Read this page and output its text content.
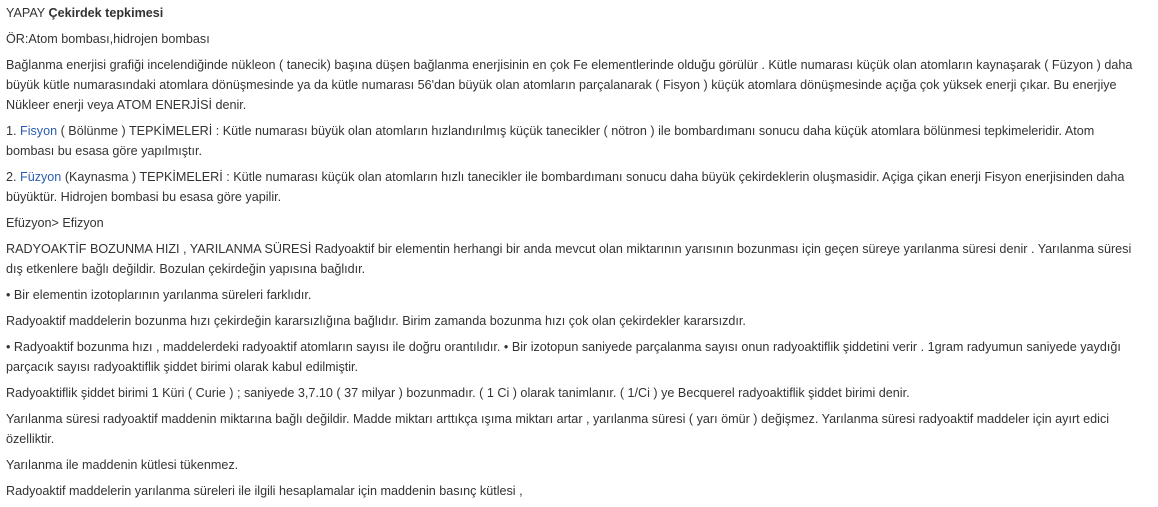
YAPAY Çekirdek tepkimesi

ÖR:Atom bombası,hidrojen bombası

Bağlanma enerjisi grafiği incelendiğinde nükleon ( tanecik) başına düşen bağlanma enerjisinin en çok Fe elementlerinde olduğu görülür . Kütle numarası küçük olan atomların kaynaşarak ( Füzyon ) daha büyük kütle numarasındaki atomlara dönüşmesinde ya da kütle numarası 56'dan büyük olan atomların parçalanarak ( Fisyon ) küçük atomlara dönüşmesinde açığa çok yüksek enerji çıkar. Bu enerjiye Nükleer enerji veya ATOM ENERJİSİ denir.

1. Fisyon ( Bölünme ) TEPKİMELERİ : Kütle numarası büyük olan atomların hızlandırılmış küçük tanecikler ( nötron ) ile bombardımanı sonucu daha küçük atomlara bölünmesi tepkimeleridir. Atom bombası bu esasa göre yapılmıştır.

2. Füzyon (Kaynasma ) TEPKİMELERİ : Kütle numarası küçük olan atomların hızlı tanecikler ile bombardımanı sonucu daha büyük çekirdeklerin oluşmasidir. Açiga çikan enerji Fisyon enerjisinden daha büyüktür. Hidrojen bombasi bu esasa göre yapilir.

Efüzyon> Efizyon

RADYOAKTİF BOZUNMA HIZI , YARILANMA SÜRESİ Radyoaktif bir elementin herhangi bir anda mevcut olan miktarının yarısının bozunması için geçen süreye yarılanma süresi denir . Yarılanma süresi dış etkenlere bağlı değildir. Bozulan çekirdeğin yapısına bağlıdır.

• Bir elementin izotoplarının yarılanma süreleri farklıdır.

Radyoaktif maddelerin bozunma hızı çekirdeğin kararsızlığına bağlıdır. Birim zamanda bozunma hızı çok olan çekirdekler kararsızdır.

• Radyoaktif bozunma hızı , maddelerdeki radyoaktif atomların sayısı ile doğru orantılıdır. • Bir izotopun saniyede parçalanma sayısı onun radyoaktiflik şiddetini verir . 1gram radyumun saniyede yaydığı parçacık sayısı radyoaktiflik şiddet birimi olarak kabul edilmiştir.

Radyoaktiflik şiddet birimi 1 Küri ( Curie ) ; saniyede 3,7.10 ( 37 milyar ) bozunmadır. ( 1 Ci ) olarak tanimlanır. ( 1/Ci ) ye Becquerel radyoaktiflik şiddet birimi denir.

Yarılanma süresi radyoaktif maddenin miktarına bağlı değildir. Madde miktarı arttıkça ışıma miktarı artar , yarılanma süresi ( yarı ömür ) değişmez. Yarılanma süresi radyoaktif maddeler için ayırt edici özelliktir.

Yarılanma ile maddenin kütlesi tükenmez.

Radyoaktif maddelerin yarılanma süreleri ile ilgili hesaplamalar için maddenin basınç kütlesi ,
